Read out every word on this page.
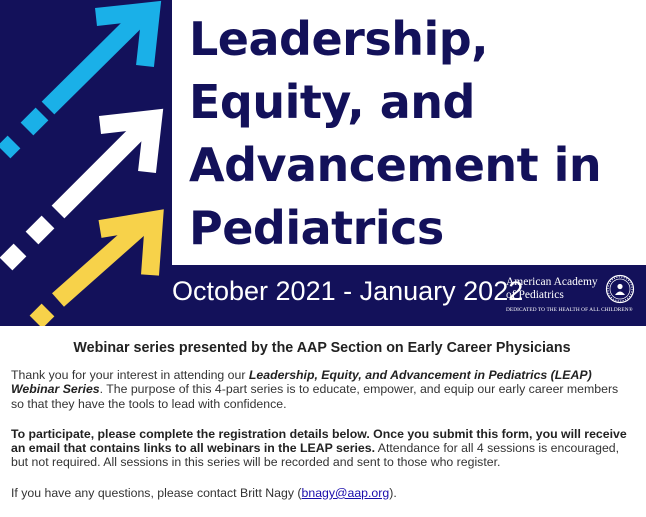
Leadership,
Equity, and
Advancement in
Pediatrics
October 2021 - January 2022
American Academy
of Pediatrics
DEDICATED TO THE HEALTH OF ALL CHILDREN®
Webinar series presented by the AAP Section on Early Career Physicians

Thank you for your interest in attending our Leadership, Equity, and Advancement in Pediatrics (LEAP) Webinar Series. The purpose of this 4-part series is to educate, empower, and equip our early career members so that they have the tools to lead with confidence.

To participate, please complete the registration details below. Once you submit this form, you will receive an email that contains links to all webinars in the LEAP series. Attendance for all 4 sessions is encouraged, but not required. All sessions in this series will be recorded and sent to those who register.

If you have any questions, please contact Britt Nagy (bnagy@aap.org).
